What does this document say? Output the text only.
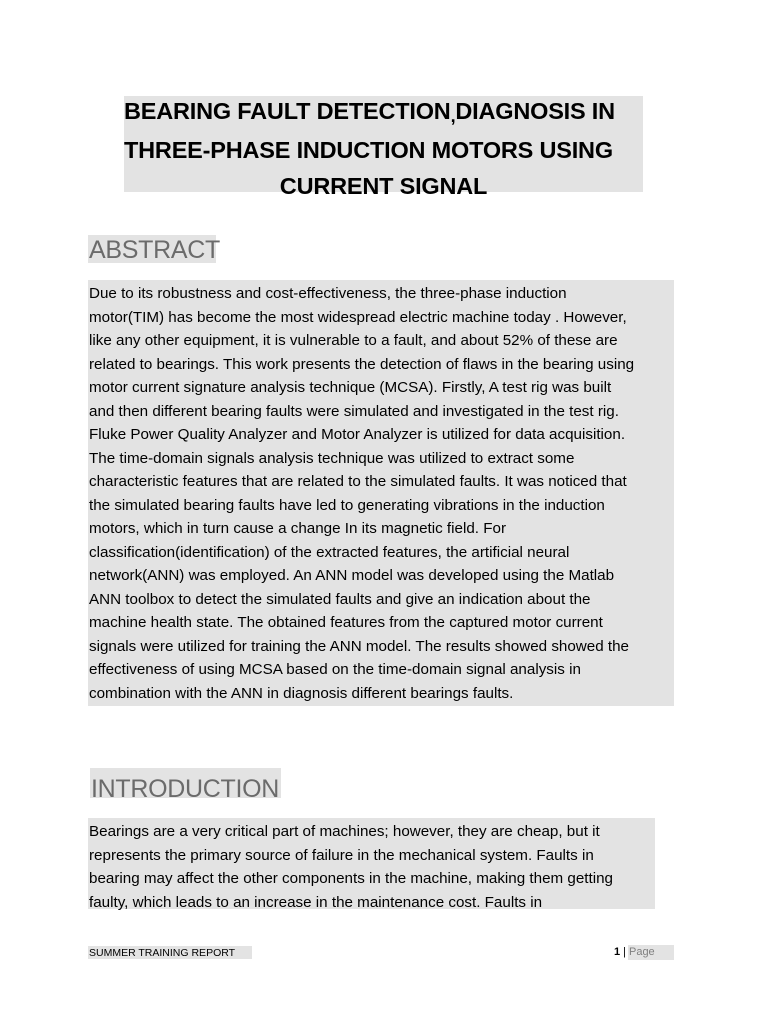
BEARING FAULT DETECTION,DIAGNOSIS IN
THREE-PHASE INDUCTION MOTORS USING
CURRENT SIGNAL
ABSTRACT
Due to its robustness and cost-effectiveness, the three-phase induction
motor(TIM) has become the most widespread electric machine today . However,
like any other equipment, it is vulnerable to a fault, and about 52% of these are
related to bearings. This work presents the detection of flaws in the bearing using
motor current signature analysis technique (MCSA). Firstly, A test rig was built
and then different bearing faults were simulated and investigated in the test rig.
Fluke Power Quality Analyzer and Motor Analyzer is utilized for data acquisition.
The time-domain signals analysis technique was utilized to extract some
characteristic features that are related to the simulated faults. It was noticed that
the simulated bearing faults have led to generating vibrations in the induction
motors, which in turn cause a change In its magnetic field. For
classification(identification) of the extracted features, the artificial neural
network(ANN) was employed. An ANN model was developed using the Matlab
ANN toolbox to detect the simulated faults and give an indication about the
machine health state. The obtained features from the captured motor current
signals were utilized for training the ANN model. The results showed showed the
effectiveness of using MCSA based on the time-domain signal analysis in
combination with the ANN in diagnosis different bearings faults.
INTRODUCTION
Bearings are a very critical part of machines; however, they are cheap, but it
represents the primary source of failure in the mechanical system. Faults in
bearing may affect the other components in the machine, making them getting
faulty, which leads to an increase in the maintenance cost. Faults in
SUMMER TRAINING REPORT	1 | Page
